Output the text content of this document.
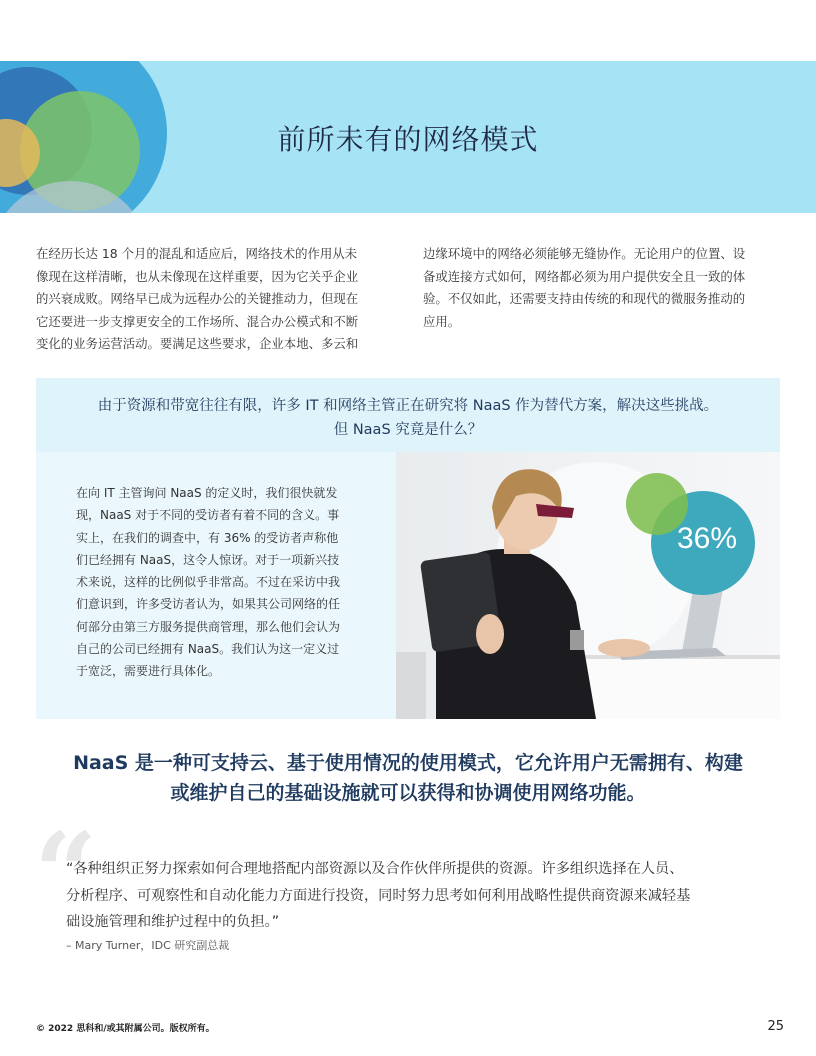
前所未有的网络模式

在经历长达 18 个月的混乱和适应后，网络技术的作用从未

像现在这样清晰，也从未像现在这样重要，因为它关乎企业

的兴衰成败。网络早已成为远程办公的关键推动力，但现在

它还要进一步支撑更安全的工作场所、混合办公模式和不断

变化的业务运营活动。要满足这些要求，企业本地、多云和

边缘环境中的网络必须能够无缝协作。无论用户的位置、设

备或连接方式如何，网络都必须为用户提供安全且一致的体

验。不仅如此，还需要支持由传统的和现代的微服务推动的

应用。

由于资源和带宽往往有限，许多 IT 和网络主管正在研究将 NaaS 作为替代方案，解决这些挑战。
但 NaaS 究竟是什么？
在向 IT 主管询问 NaaS 的定义时，我们很快就发
现，NaaS 对于不同的受访者有着不同的含义。事
实上，在我们的调查中，有 36% 的受访者声称他
们已经拥有 NaaS，这令人惊讶。对于一项新兴技
术来说，这样的比例似乎非常高。不过在采访中我
们意识到，许多受访者认为，如果其公司网络的任
何部分由第三方服务提供商管理，那么他们会认为
自己的公司已经拥有 NaaS。我们认为这一定义过
于宽泛，需要进行具体化。
36%
NaaS 是一种可支持云、基于使用情况的使用模式，它允许用户无需拥有、构建
或维护自己的基础设施就可以获得和协调使用网络功能。
“

“各种组织正努力探索如何合理地搭配内部资源以及合作伙伴所提供的资源。许多组织选择在人员、

分析程序、可观察性和自动化能力方面进行投资，同时努力思考如何利用战略性提供商资源来减轻基

础设施管理和维护过程中的负担。”

– Mary Turner，IDC 研究副总裁
© 2022 思科和/或其附属公司。版权所有。	25
